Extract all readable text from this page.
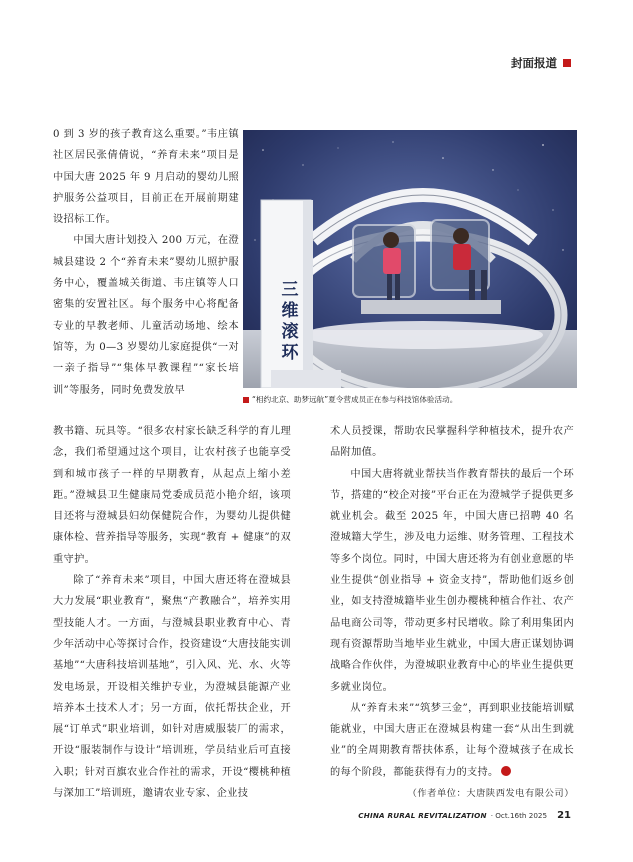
封面报道
三维滚环
“相约北京、助梦远航”夏令营成员正在参与科技馆体验活动。

0 到 3 岁的孩子教育这么重要。”韦庄镇社区居民张倩倩说，“养育未来”项目是中国大唐 2025 年 9 月启动的婴幼儿照护服务公益项目，目前正在开展前期建设招标工作。

中国大唐计划投入 200 万元，在澄城县建设 2 个“养育未来”婴幼儿照护服务中心，覆盖城关街道、韦庄镇等人口密集的安置社区。每个服务中心将配备专业的早教老师、儿童活动场地、绘本馆等，为 0—3 岁婴幼儿家庭提供“一对一亲子指导”“集体早教课程”“家长培训”等服务，同时免费发放早

教书籍、玩具等。“很多农村家长缺乏科学的育儿理念，我们希望通过这个项目，让农村孩子也能享受到和城市孩子一样的早期教育，从起点上缩小差距。”澄城县卫生健康局党委成员范小艳介绍，该项目还将与澄城县妇幼保健院合作，为婴幼儿提供健康体检、营养指导等服务，实现“教育 + 健康”的双重守护。

除了“养育未来”项目，中国大唐还将在澄城县大力发展“职业教育”，聚焦“产教融合”，培养实用型技能人才。一方面，与澄城县职业教育中心、青少年活动中心等探讨合作，投资建设“大唐技能实训基地”“大唐科技培训基地”，引入风、光、水、火等发电场景，开设相关维护专业，为澄城县能源产业培养本土技术人才；另一方面，依托帮扶企业，开展“订单式”职业培训，如针对唐威服装厂的需求，开设“服装制作与设计”培训班，学员结业后可直接入职；针对百旗农业合作社的需求，开设“樱桃种植与深加工”培训班，邀请农业专家、企业技

术人员授课，帮助农民掌握科学种植技术，提升农产品附加值。

中国大唐将就业帮扶当作教育帮扶的最后一个环节，搭建的“校企对接”平台正在为澄城学子提供更多就业机会。截至 2025 年，中国大唐已招聘 40 名澄城籍大学生，涉及电力运维、财务管理、工程技术等多个岗位。同时，中国大唐还将为有创业意愿的毕业生提供“创业指导 + 资金支持”，帮助他们返乡创业，如支持澄城籍毕业生创办樱桃种植合作社、农产品电商公司等，带动更多村民增收。除了利用集团内现有资源帮助当地毕业生就业，中国大唐正谋划协调战略合作伙伴，为澄城职业教育中心的毕业生提供更多就业岗位。

从“养育未来”“筑梦三金”，再到职业技能培训赋能就业，中国大唐正在澄城县构建一套“从出生到就业”的全周期教育帮扶体系，让每个澄城孩子在成长的每个阶段，都能获得有力的支持。

（作者单位：大唐陕西发电有限公司）

CHINA RURAL REVITALIZATION · Oct.16th 2025 21
